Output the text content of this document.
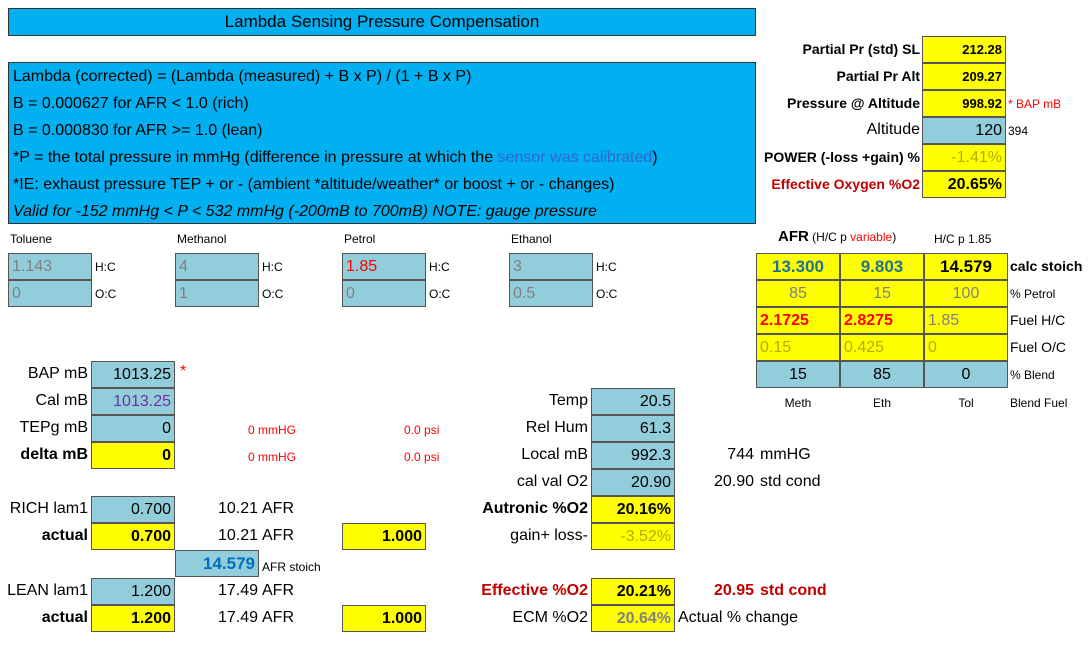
Lambda Sensing Pressure Compensation
Lambda (corrected) = (Lambda (measured) + B x P) / (1 + B x P)
B = 0.000627 for AFR < 1.0 (rich)
B = 0.000830 for AFR >= 1.0 (lean)
*P = the total pressure in mmHg (difference in pressure at which the sensor was calibrated)
*IE: exhaust pressure TEP + or - (ambient *altitude/weather* or boost + or - changes)
Valid for -152 mmHg < P < 532 mmHg (-200mB to 700mB) NOTE: gauge pressure
Partial Pr (std) SL	212.28
Partial Pr Alt	209.27
Pressure @ Altitude	998.92 * BAP mB
Altitude	120 394
POWER (-loss +gain) %	-1.41%
Effective Oxygen %O2	20.65%
Toluene
1.143	H:C
0	O:C
Methanol
4	H:C
1	O:C
Petrol
1.85	H:C
0	O:C
Ethanol
3	H:C
0.5	O:C
AFR (H/C p variable)	H/C p 1.85
13.300	9.803	14.579	calc stoich
85	15	100	% Petrol
2.1725	2.8275	1.85	Fuel H/C
0.15	0.425	0	Fuel O/C
15	85	0	% Blend
Meth	Eth	Tol	Blend Fuel
BAP mB	1013.25 *
Cal mB	1013.25
TEPg mB	0	0 mmHG	0.0 psi
delta mB	0	0 mmHG	0.0 psi
RICH lam1	0.700	10.21 AFR
actual	0.700	10.21 AFR	1.000
14.579 AFR stoich
LEAN lam1	1.200	17.49 AFR
actual	1.200	17.49 AFR	1.000
Temp	20.5
Rel Hum	61.3
Local mB	992.3	744 mmHG
cal val O2	20.90	20.90 std cond
Autronic %O2	20.16%
gain+ loss-	-3.52%
Effective %O2	20.21%	20.95 std cond
ECM %O2	20.64% Actual % change
